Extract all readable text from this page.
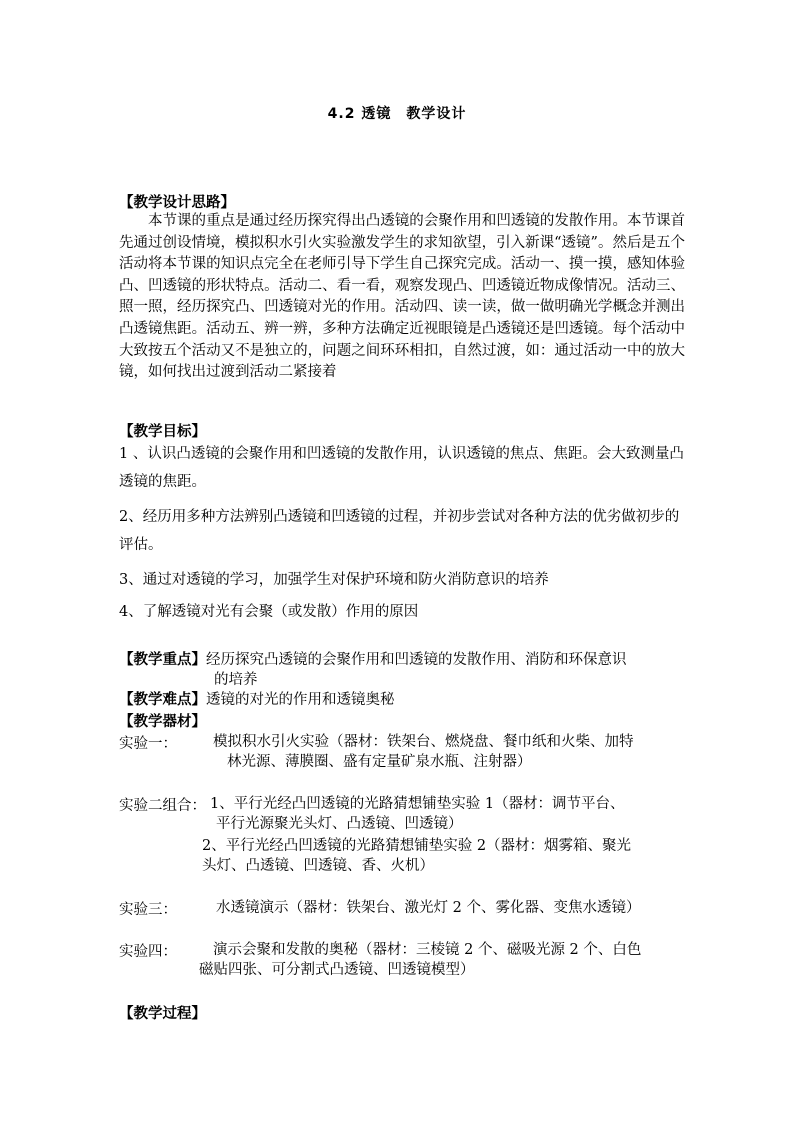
4.2 透镜　教学设计
【教学设计思路】
本节课的重点是通过经历探究得出凸透镜的会聚作用和凹透镜的发散作用。本节课首先通过创设情境，模拟积水引火实验激发学生的求知欲望，引入新课“透镜”。然后是五个活动将本节课的知识点完全在老师引导下学生自己探究完成。活动一、摸一摸，感知体验凸、凹透镜的形状特点。活动二、看一看，观察发现凸、凹透镜近物成像情况。活动三、照一照，经历探究凸、凹透镜对光的作用。活动四、读一读，做一做明确光学概念并测出凸透镜焦距。活动五、辨一辨，多种方法确定近视眼镜是凸透镜还是凹透镜。每个活动中大致按五个活动又不是独立的，问题之间环环相扣，自然过渡，如：通过活动一中的放大镜，如何找出过渡到活动二紧接着
【教学目标】
1 、认识凸透镜的会聚作用和凹透镜的发散作用，认识透镜的焦点、焦距。会大致测量凸透镜的焦距。
2、经历用多种方法辨别凸透镜和凹透镜的过程，并初步尝试对各种方法的优劣做初步的评估。
3、通过对透镜的学习，加强学生对保护环境和防火消防意识的培养
4、了解透镜对光有会聚（或发散）作用的原因
【教学重点】经历探究凸透镜的会聚作用和凹透镜的发散作用、消防和环保意识
的培养
【教学难点】透镜的对光的作用和透镜奥秘
【教学器材】
实验一： 模拟积水引火实验（器材：铁架台、燃烧盘、餐巾纸和火柴、加特
林光源、薄膜圈、盛有定量矿泉水瓶、注射器）
实验二组合： 1、平行光经凸凹透镜的光路猜想铺垫实验 1（器材：调节平台、
平行光源聚光头灯、凸透镜、凹透镜）
2、平行光经凸凹透镜的光路猜想铺垫实验 2（器材：烟雾箱、聚光
头灯、凸透镜、凹透镜、香、火机）
实验三：	水透镜演示（器材：铁架台、激光灯 2 个、雾化器、变焦水透镜）
实验四： 演示会聚和发散的奥秘（器材：三棱镜 2 个、磁吸光源 2 个、白色
磁贴四张、可分割式凸透镜、凹透镜模型）
【教学过程】
